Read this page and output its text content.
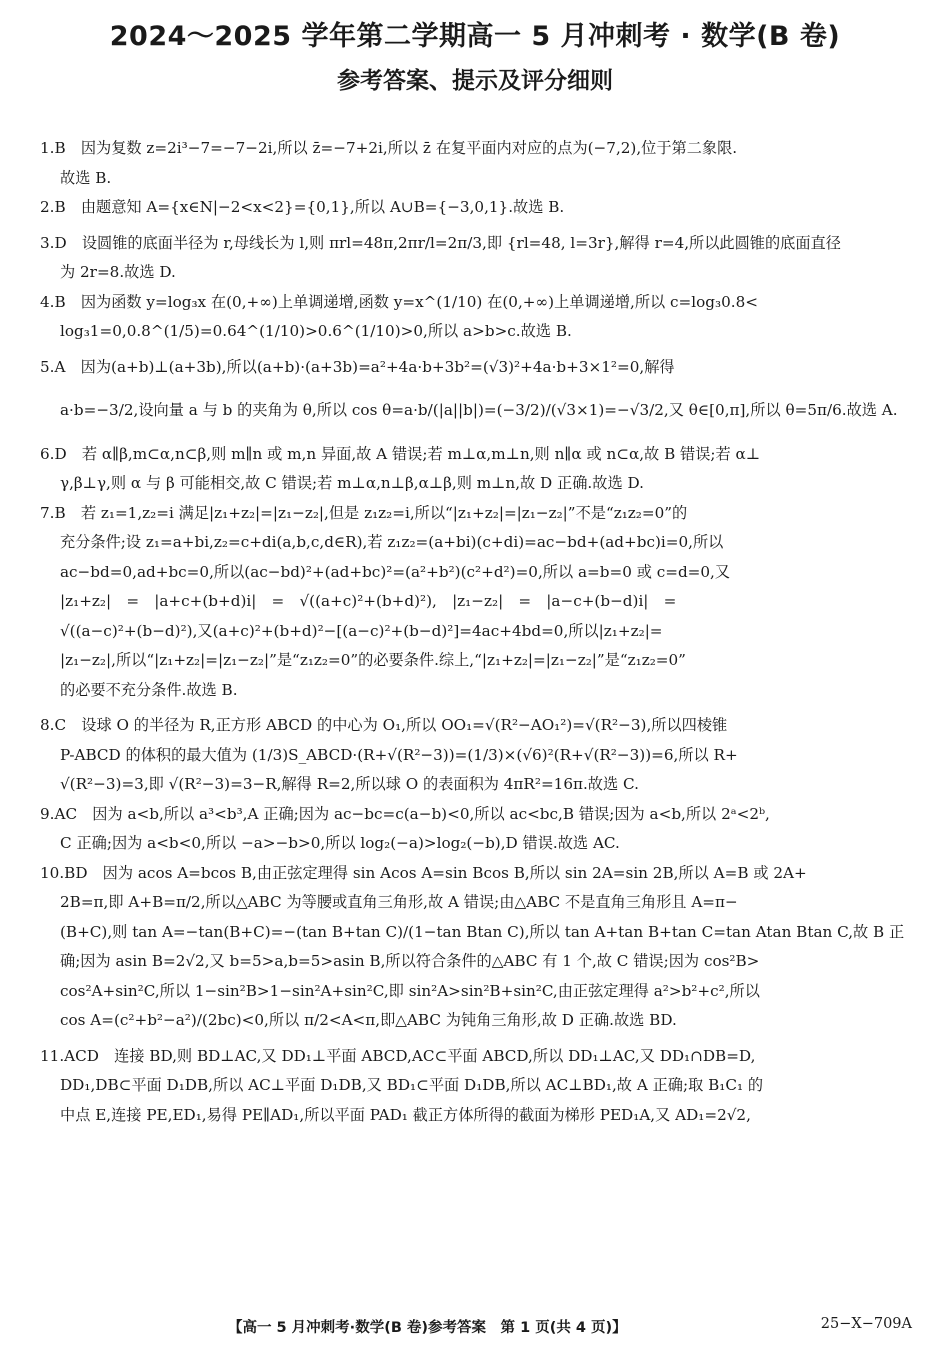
2024～2025 学年第二学期高一 5 月冲刺考 · 数学(B 卷)
参考答案、提示及评分细则
1.B　因为复数 z=2i³−7=−7−2i,所以 z̄=−7+2i,所以 z̄ 在复平面内对应的点为(−7,2),位于第二象限.
故选 B.
2.B　由题意知 A={x∈N|−2<x<2}={0,1},所以 A∪B={−3,0,1}.故选 B.
3.D　设圆锥的底面半径为 r,母线长为 l,则 πrl=48π,2πr/l=2π/3,即 {rl=48, l=3r},解得 r=4,所以此圆锥的底面直径
为 2r=8.故选 D.
4.B　因为函数 y=log₃x 在(0,+∞)上单调递增,函数 y=x^(1/10) 在(0,+∞)上单调递增,所以 c=log₃0.8<
log₃1=0,0.8^(1/5)=0.64^(1/10)>0.6^(1/10)>0,所以 a>b>c.故选 B.
5.A　因为(a+b)⊥(a+3b),所以(a+b)·(a+3b)=a²+4a·b+3b²=(√3)²+4a·b+3×1²=0,解得
a·b=−3/2,设向量 a 与 b 的夹角为 θ,所以 cos θ=a·b/(|a||b|)=(−3/2)/(√3×1)=−√3/2,又 θ∈[0,π],所以 θ=5π/6.故选 A.
6.D　若 α∥β,m⊂α,n⊂β,则 m∥n 或 m,n 异面,故 A 错误;若 m⊥α,m⊥n,则 n∥α 或 n⊂α,故 B 错误;若 α⊥
γ,β⊥γ,则 α 与 β 可能相交,故 C 错误;若 m⊥α,n⊥β,α⊥β,则 m⊥n,故 D 正确.故选 D.
7.B　若 z₁=1,z₂=i 满足|z₁+z₂|=|z₁−z₂|,但是 z₁z₂=i,所以“|z₁+z₂|=|z₁−z₂|”不是“z₁z₂=0”的
充分条件;设 z₁=a+bi,z₂=c+di(a,b,c,d∈R),若 z₁z₂=(a+bi)(c+di)=ac−bd+(ad+bc)i=0,所以
ac−bd=0,ad+bc=0,所以(ac−bd)²+(ad+bc)²=(a²+b²)(c²+d²)=0,所以 a=b=0 或 c=d=0,又
|z₁+z₂|　=　|a+c+(b+d)i|　=　√((a+c)²+(b+d)²),　|z₁−z₂|　=　|a−c+(b−d)i|　=
√((a−c)²+(b−d)²),又(a+c)²+(b+d)²−[(a−c)²+(b−d)²]=4ac+4bd=0,所以|z₁+z₂|=
|z₁−z₂|,所以“|z₁+z₂|=|z₁−z₂|”是“z₁z₂=0”的必要条件.综上,“|z₁+z₂|=|z₁−z₂|”是“z₁z₂=0”
的必要不充分条件.故选 B.
8.C　设球 O 的半径为 R,正方形 ABCD 的中心为 O₁,所以 OO₁=√(R²−AO₁²)=√(R²−3),所以四棱锥
P-ABCD 的体积的最大值为 (1/3)S_ABCD·(R+√(R²−3))=(1/3)×(√6)²(R+√(R²−3))=6,所以 R+
√(R²−3)=3,即 √(R²−3)=3−R,解得 R=2,所以球 O 的表面积为 4πR²=16π.故选 C.
9.AC　因为 a<b,所以 a³<b³,A 正确;因为 ac−bc=c(a−b)<0,所以 ac<bc,B 错误;因为 a<b,所以 2ᵃ<2ᵇ,
C 正确;因为 a<b<0,所以 −a>−b>0,所以 log₂(−a)>log₂(−b),D 错误.故选 AC.
10.BD　因为 acos A=bcos B,由正弦定理得 sin Acos A=sin Bcos B,所以 sin 2A=sin 2B,所以 A=B 或 2A+
2B=π,即 A+B=π/2,所以△ABC 为等腰或直角三角形,故 A 错误;由△ABC 不是直角三角形且 A=π−
(B+C),则 tan A=−tan(B+C)=−(tan B+tan C)/(1−tan Btan C),所以 tan A+tan B+tan C=tan Atan Btan C,故 B 正
确;因为 asin B=2√2,又 b=5>a,b=5>asin B,所以符合条件的△ABC 有 1 个,故 C 错误;因为 cos²B>
cos²A+sin²C,所以 1−sin²B>1−sin²A+sin²C,即 sin²A>sin²B+sin²C,由正弦定理得 a²>b²+c²,所以
cos A=(c²+b²−a²)/(2bc)<0,所以 π/2<A<π,即△ABC 为钝角三角形,故 D 正确.故选 BD.
11.ACD　连接 BD,则 BD⊥AC,又 DD₁⊥平面 ABCD,AC⊂平面 ABCD,所以 DD₁⊥AC,又 DD₁∩DB=D,
DD₁,DB⊂平面 D₁DB,所以 AC⊥平面 D₁DB,又 BD₁⊂平面 D₁DB,所以 AC⊥BD₁,故 A 正确;取 B₁C₁ 的
中点 E,连接 PE,ED₁,易得 PE∥AD₁,所以平面 PAD₁ 截正方体所得的截面为梯形 PED₁A,又 AD₁=2√2,
【高一 5 月冲刺考·数学(B 卷)参考答案　第 1 页(共 4 页)】	25−X−709A
